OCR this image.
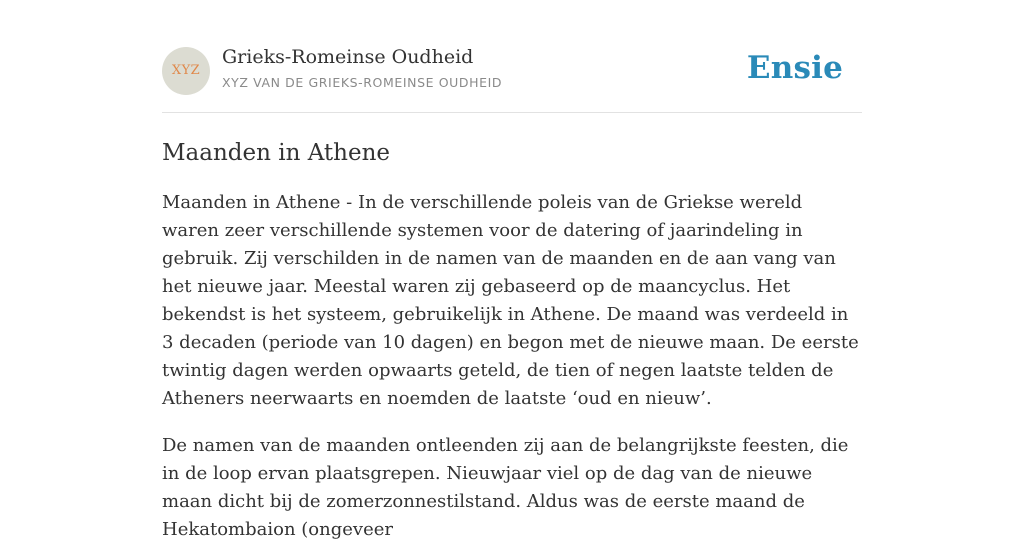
XYZ
Grieks-Romeinse Oudheid
XYZ VAN DE GRIEKS-ROMEINSE OUDHEID	Ensie
Maanden in Athene

Maanden in Athene - In de verschillende poleis van de Griekse wereld waren zeer verschillende systemen voor de datering of jaarindeling in gebruik. Zij verschilden in de namen van de maanden en de aan vang van het nieuwe jaar. Meestal waren zij gebaseerd op de maancyclus. Het bekendst is het systeem, gebruikelijk in Athene. De maand was verdeeld in 3 decaden (periode van 10 dagen) en begon met de nieuwe maan. De eerste twintig dagen werden opwaarts geteld, de tien of negen laatste telden de Atheners neerwaarts en noemden de laatste ‘oud en nieuw’.

De namen van de maanden ontleenden zij aan de belangrijkste feesten, die in de loop ervan plaatsgrepen. Nieuwjaar viel op de dag van de nieuwe maan dicht bij de zomerzonnestilstand. Aldus was de eerste maand de Hekatombaion (ongeveer
